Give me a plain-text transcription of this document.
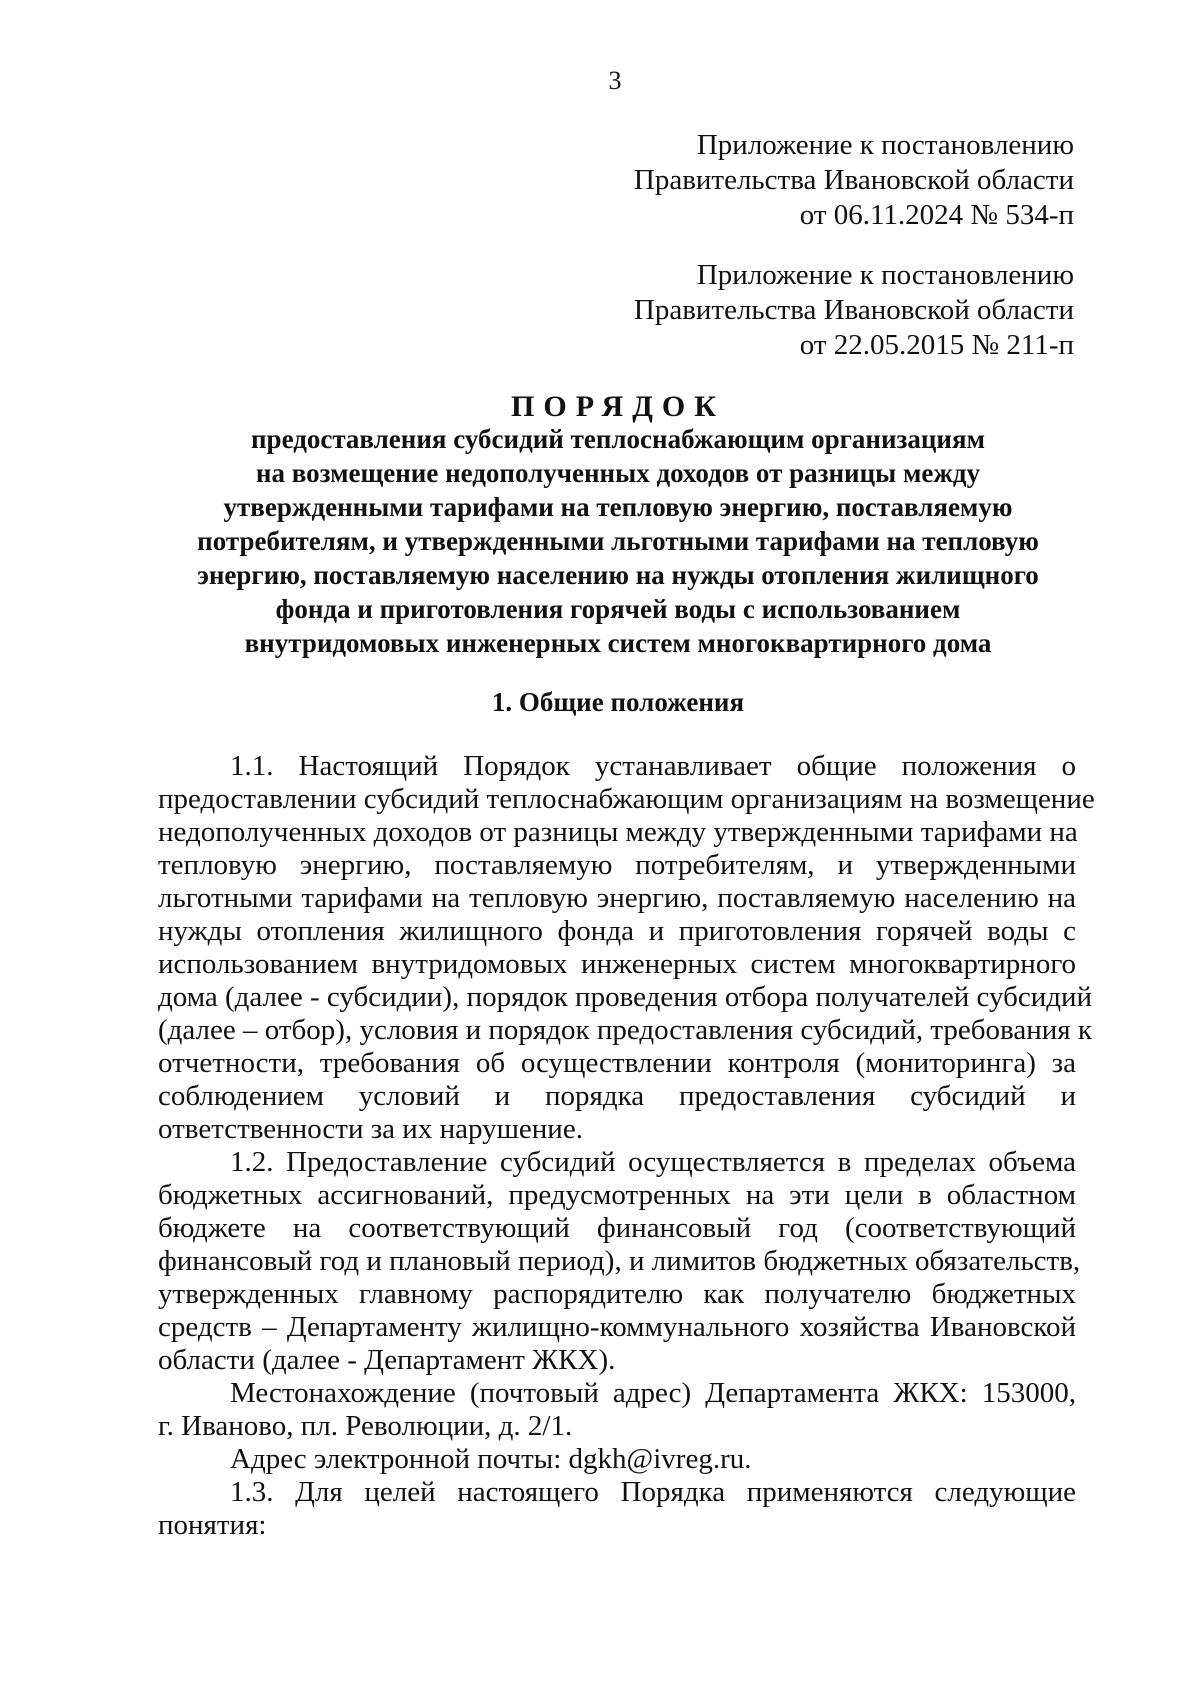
3
Приложение к постановлению
Правительства Ивановской области
от 06.11.2024 № 534-п
Приложение к постановлению
Правительства Ивановской области
от 22.05.2015 № 211-п
ПОРЯДОК
предоставления субсидий теплоснабжающим организациям
на возмещение недополученных доходов от разницы между
утвержденными тарифами на тепловую энергию, поставляемую
потребителям, и утвержденными льготными тарифами на тепловую
энергию, поставляемую населению на нужды отопления жилищного
фонда и приготовления горячей воды с использованием
внутридомовых инженерных систем многоквартирного дома
1. Общие положения
1.1. Настоящий Порядок устанавливает общие положения о
предоставлении субсидий теплоснабжающим организациям на возмещение
недополученных доходов от разницы между утвержденными тарифами на
тепловую энергию, поставляемую потребителям, и утвержденными
льготными тарифами на тепловую энергию, поставляемую населению на
нужды отопления жилищного фонда и приготовления горячей воды с
использованием внутридомовых инженерных систем многоквартирного
дома (далее - субсидии), порядок проведения отбора получателей субсидий
(далее – отбор), условия и порядок предоставления субсидий, требования к
отчетности, требования об осуществлении контроля (мониторинга) за
соблюдением условий и порядка предоставления субсидий и
ответственности за их нарушение.
1.2. Предоставление субсидий осуществляется в пределах объема
бюджетных ассигнований, предусмотренных на эти цели в областном
бюджете на соответствующий финансовый год (соответствующий
финансовый год и плановый период), и лимитов бюджетных обязательств,
утвержденных главному распорядителю как получателю бюджетных
средств – Департаменту жилищно-коммунального хозяйства Ивановской
области (далее - Департамент ЖКХ).
Местонахождение (почтовый адрес) Департамента ЖКХ: 153000,
г. Иваново, пл. Революции, д. 2/1.
Адрес электронной почты: dgkh@ivreg.ru.
1.3. Для целей настоящего Порядка применяются следующие
понятия:
